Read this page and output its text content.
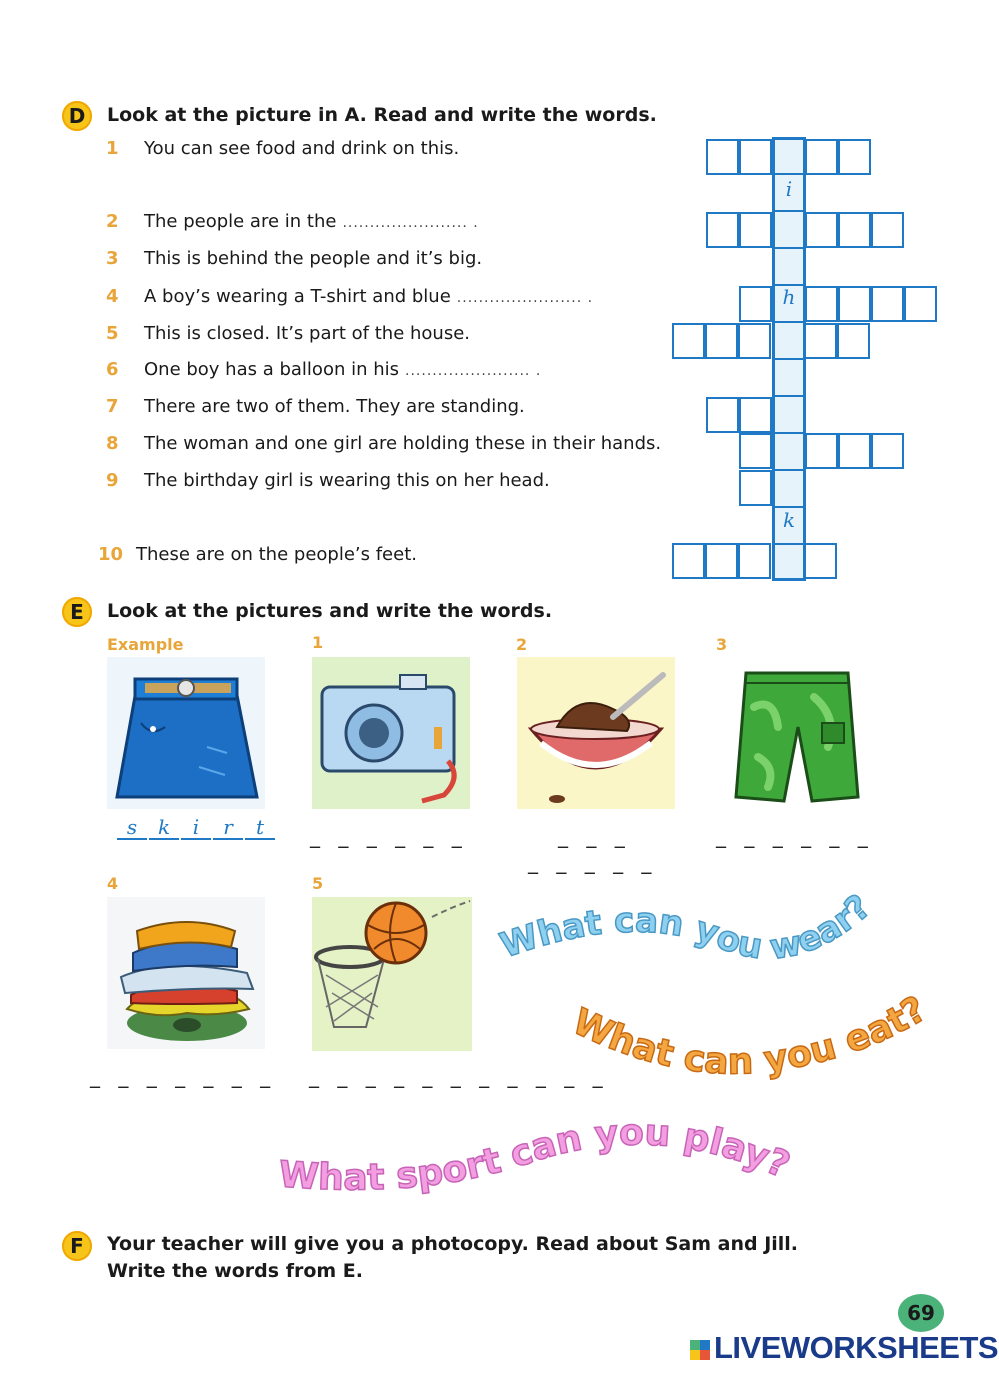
D	Look at the picture in A. Read and write the words.
1 You can see food and drink on this.
2 The people are in the ....................... .
3 This is behind the people and it’s big.
4 A boy’s wearing a T-shirt and blue ....................... .
5 This is closed. It’s part of the house.
6 One boy has a balloon in his ....................... .
7 There are two of them. They are standing.
8 The woman and one girl are holding these in their hands.
9 The birthday girl is wearing this on her head.
10 These are on the people’s feet.
i
h
k
E	Look at the pictures and write the words.
Example	1	2	3
4	5
s k i r t	_ _ _ _ _ _	_ _ _
_ _ _ _ _
_ _ _ _ _ _
_ _ _ _ _ _ _ _ _ _ _ _ _ _ _ _ _ _
What can you wear?
What can you eat?
What sport can you play?
F	Your teacher will give you a photocopy. Read about Sam and Jill.
Write the words from E.
69
LIVEWORKSHEETS
